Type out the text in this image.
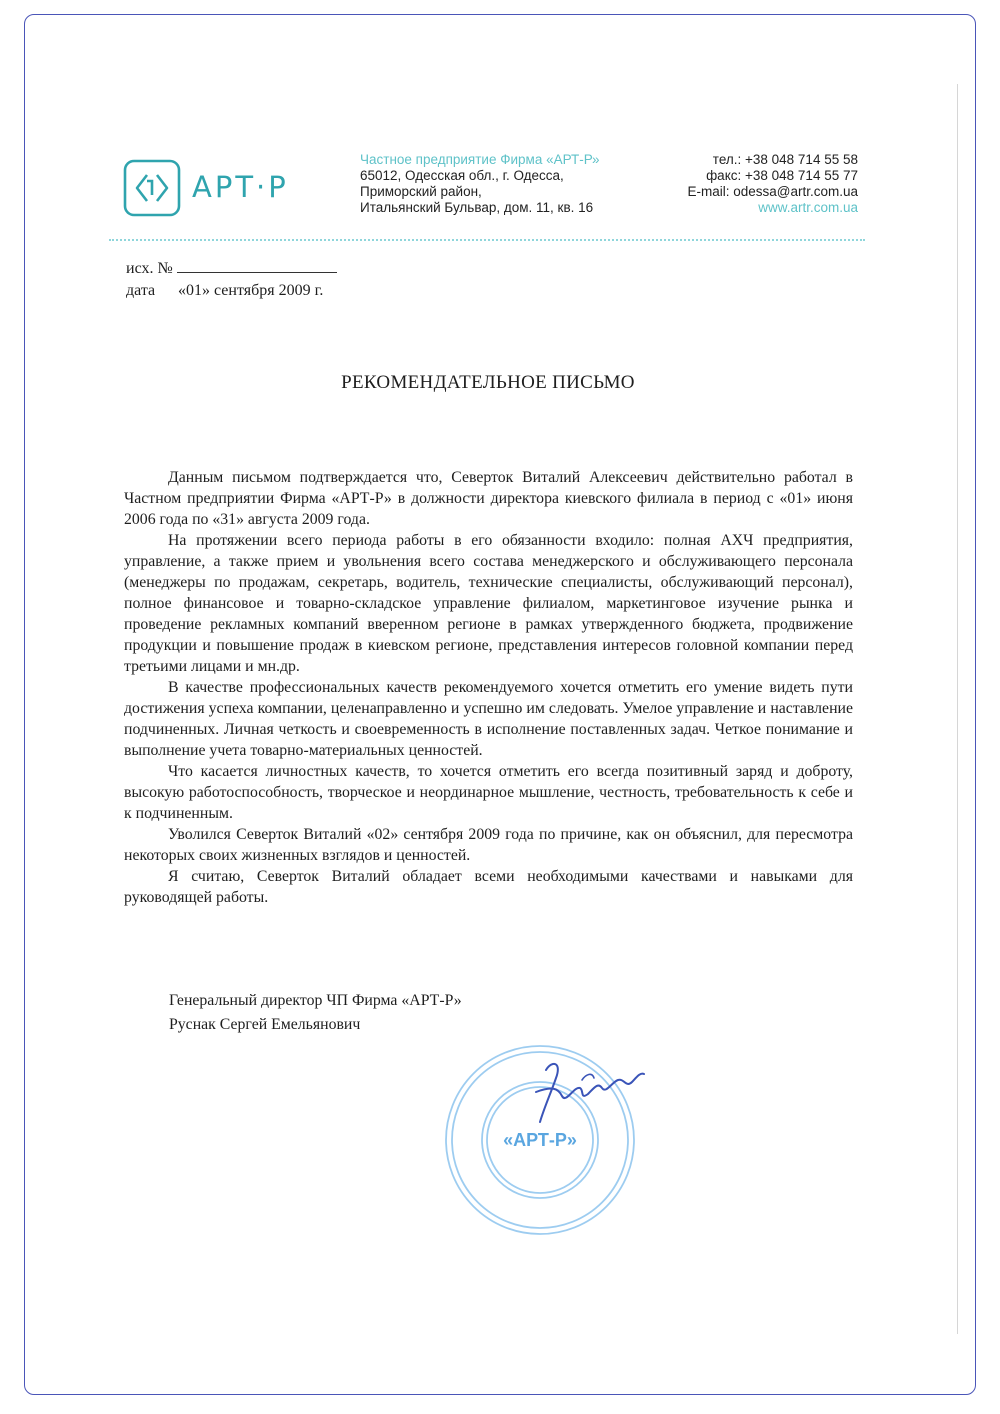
АРТ·Р
Частное предприятие Фирма «АРТ-Р»
65012, Одесская обл., г. Одесса,
Приморский район,
Итальянский Бульвар, дом. 11, кв. 16
тел.: +38 048 714 55 58
факс: +38 048 714 55 77
E-mail: odessa@artr.com.ua
www.artr.com.ua
исх. №
дата «01» сентября 2009 г.
РЕКОМЕНДАТЕЛЬНОЕ ПИСЬМО

Данным письмом подтверждается что, Северток Виталий Алексеевич действительно работал в Частном предприятии Фирма «АРТ-Р» в должности директора киевского филиала в период с «01» июня 2006 года по «31» августа 2009 года.

На протяжении всего периода работы в его обязанности входило: полная АХЧ предприятия, управление, а также прием и увольнения всего состава менеджерского и обслуживающего персонала (менеджеры по продажам, секретарь, водитель, технические специалисты, обслуживающий персонал), полное финансовое и товарно-складское управление филиалом, маркетинговое изучение рынка и проведение рекламных компаний вверенном регионе в рамках утвержденного бюджета, продвижение продукции и повышение продаж в киевском регионе, представления интересов головной компании перед третьими лицами и мн.др.

В качестве профессиональных качеств рекомендуемого хочется отметить его умение видеть пути достижения успеха компании, целенаправленно и успешно им следовать. Умелое управление и наставление подчиненных. Личная четкость и своевременность в исполнение поставленных задач. Четкое понимание и выполнение учета товарно-материальных ценностей.

Что касается личностных качеств, то хочется отметить его всегда позитивный заряд и доброту, высокую работоспособность, творческое и неординарное мышление, честность, требовательность к себе и к подчиненным.

Уволился Северток Виталий «02» сентября 2009 года по причине, как он объяснил, для пересмотра некоторых своих жизненных взглядов и ценностей.

Я считаю, Северток Виталий обладает всеми необходимыми качествами и навыками для руководящей работы.

Генеральный директор ЧП Фирма «АРТ-Р»
Руснак Сергей Емельянович
«АРТ-Р»
